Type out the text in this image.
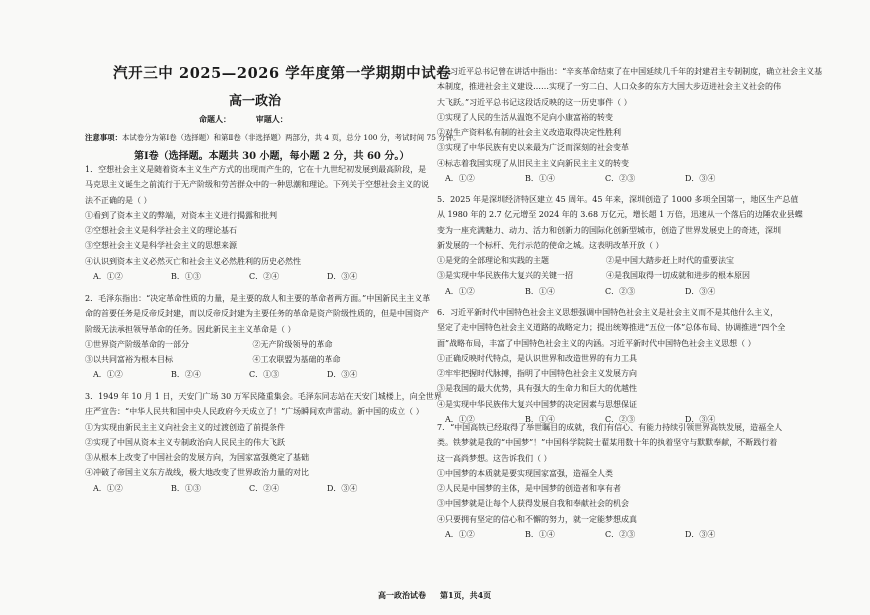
汽开三中 2025—2026 学年度第一学期期中试卷
高一政治
命题人：	审题人：
注意事项：本试卷分为第Ⅰ卷（选择题）和第Ⅱ卷（非选择题）两部分，共 4 页，总分 100 分，考试时间 75 分钟。
第Ⅰ卷（选择题。本题共 30 小题，每小题 2 分，共 60 分。）
1．空想社会主义是随着资本主义生产方式的出现而产生的，它在十九世纪初发展到最高阶段，是
马克思主义诞生之前流行于无产阶级和劳苦群众中的一种思潮和理论。下列关于空想社会主义的说
法不正确的是（ ）
①看到了资本主义的弊端，对资本主义进行揭露和批判
②空想社会主义是科学社会主义的理论基石
③空想社会主义是科学社会主义的思想来源
④认识到资本主义必然灭亡和社会主义必然胜利的历史必然性
A．①②	B．①③	C．②④	D．③④
2．毛泽东指出：“决定革命性质的力量，是主要的敌人和主要的革命者两方面。”中国新民主主义革
命的首要任务是反帝反封建，而以反帝反封建为主要任务的革命是资产阶级性质的，但是中国资产
阶级无法承担领导革命的任务。因此新民主主义革命是（ ）
①世界资产阶级革命的一部分	②无产阶级领导的革命
③以共同富裕为根本目标	④工农联盟为基础的革命
A．①②	B．②④	C．①③	D．③④
3．1949 年 10 月 1 日，天安门广场 30 万军民隆重集会。毛泽东同志站在天安门城楼上，向全世界
庄严宣告：“中华人民共和国中央人民政府今天成立了！”广场瞬间欢声雷动。新中国的成立（ ）
①为实现由新民主主义向社会主义的过渡创造了前提条件
②实现了中国从资本主义专制政治向人民民主的伟大飞跃
③从根本上改变了中国社会的发展方向，为国家富强奠定了基础
④冲破了帝国主义东方战线，极大地改变了世界政治力量的对比
A．①②	B．①③	C．②④	D．③④
4．习近平总书记曾在讲话中指出：“辛亥革命结束了在中国延续几千年的封建君主专制制度，确立社会主义基
本制度，推进社会主义建设……实现了一穷二白、人口众多的东方大国大步迈进社会主义社会的伟
大飞跃。”习近平总书记这段话反映的这一历史事件（ ）
①实现了人民的生活从温饱不足向小康富裕的转变
②对生产资料私有制的社会主义改造取得决定性胜利
③实现了中华民族有史以来最为广泛而深刻的社会变革
④标志着我国实现了从旧民主主义向新民主主义的转变
A．①②	B．①④	C．②③	D．③④
5．2025 年是深圳经济特区建立 45 周年。45 年来，深圳创造了 1000 多项全国第一，地区生产总值
从 1980 年的 2.7 亿元增至 2024 年的 3.68 万亿元，增长超 1 万倍，迅速从一个落后的边陲农业县蝶
变为一座充满魅力、动力、活力和创新力的国际化创新型城市，创造了世界发展史上的奇迹，深圳
新发展的一个标杆、先行示范的使命之城。这表明改革开放（ ）
①是党的全部理论和实践的主题	②是中国大踏步赶上时代的重要法宝
③是实现中华民族伟大复兴的关键一招	④是我国取得一切成就和进步的根本原因
A．①②	B．①④	C．②③	D．③④
6．习近平新时代中国特色社会主义思想强调中国特色社会主义是社会主义而不是其他什么主义，
坚定了走中国特色社会主义道路的战略定力；提出统筹推进“五位一体”总体布局、协调推进“四个全
面”战略布局，丰富了中国特色社会主义的内涵。习近平新时代中国特色社会主义思想（ ）
①正确反映时代特点，是认识世界和改造世界的有力工具
②牢牢把握时代脉搏，指明了中国特色社会主义发展方向
③是我国的最大优势，具有强大的生命力和巨大的优越性
④是实现中华民族伟大复兴中国梦的决定因素与思想保证
A．①②	B．①④	C．②③	D．③④
7．“中国高铁已经取得了举世瞩目的成就，我们有信心、有能力持续引领世界高铁发展，造福全人
类。铁梦就是我的“中国梦”！”中国科学院院士翟某用数十年的执着坚守与默默奉献，不断践行着
这一高尚梦想。这告诉我们（ ）
①中国梦的本质就是要实现国家富强，造福全人类
②人民是中国梦的主体，是中国梦的创造者和享有者
③中国梦就是让每个人获得发展自我和奉献社会的机会
④只要拥有坚定的信心和不懈的努力，就一定能梦想成真
A．①②	B．①④	C．②③	D．③④
高一政治试卷 第1页，共4页
